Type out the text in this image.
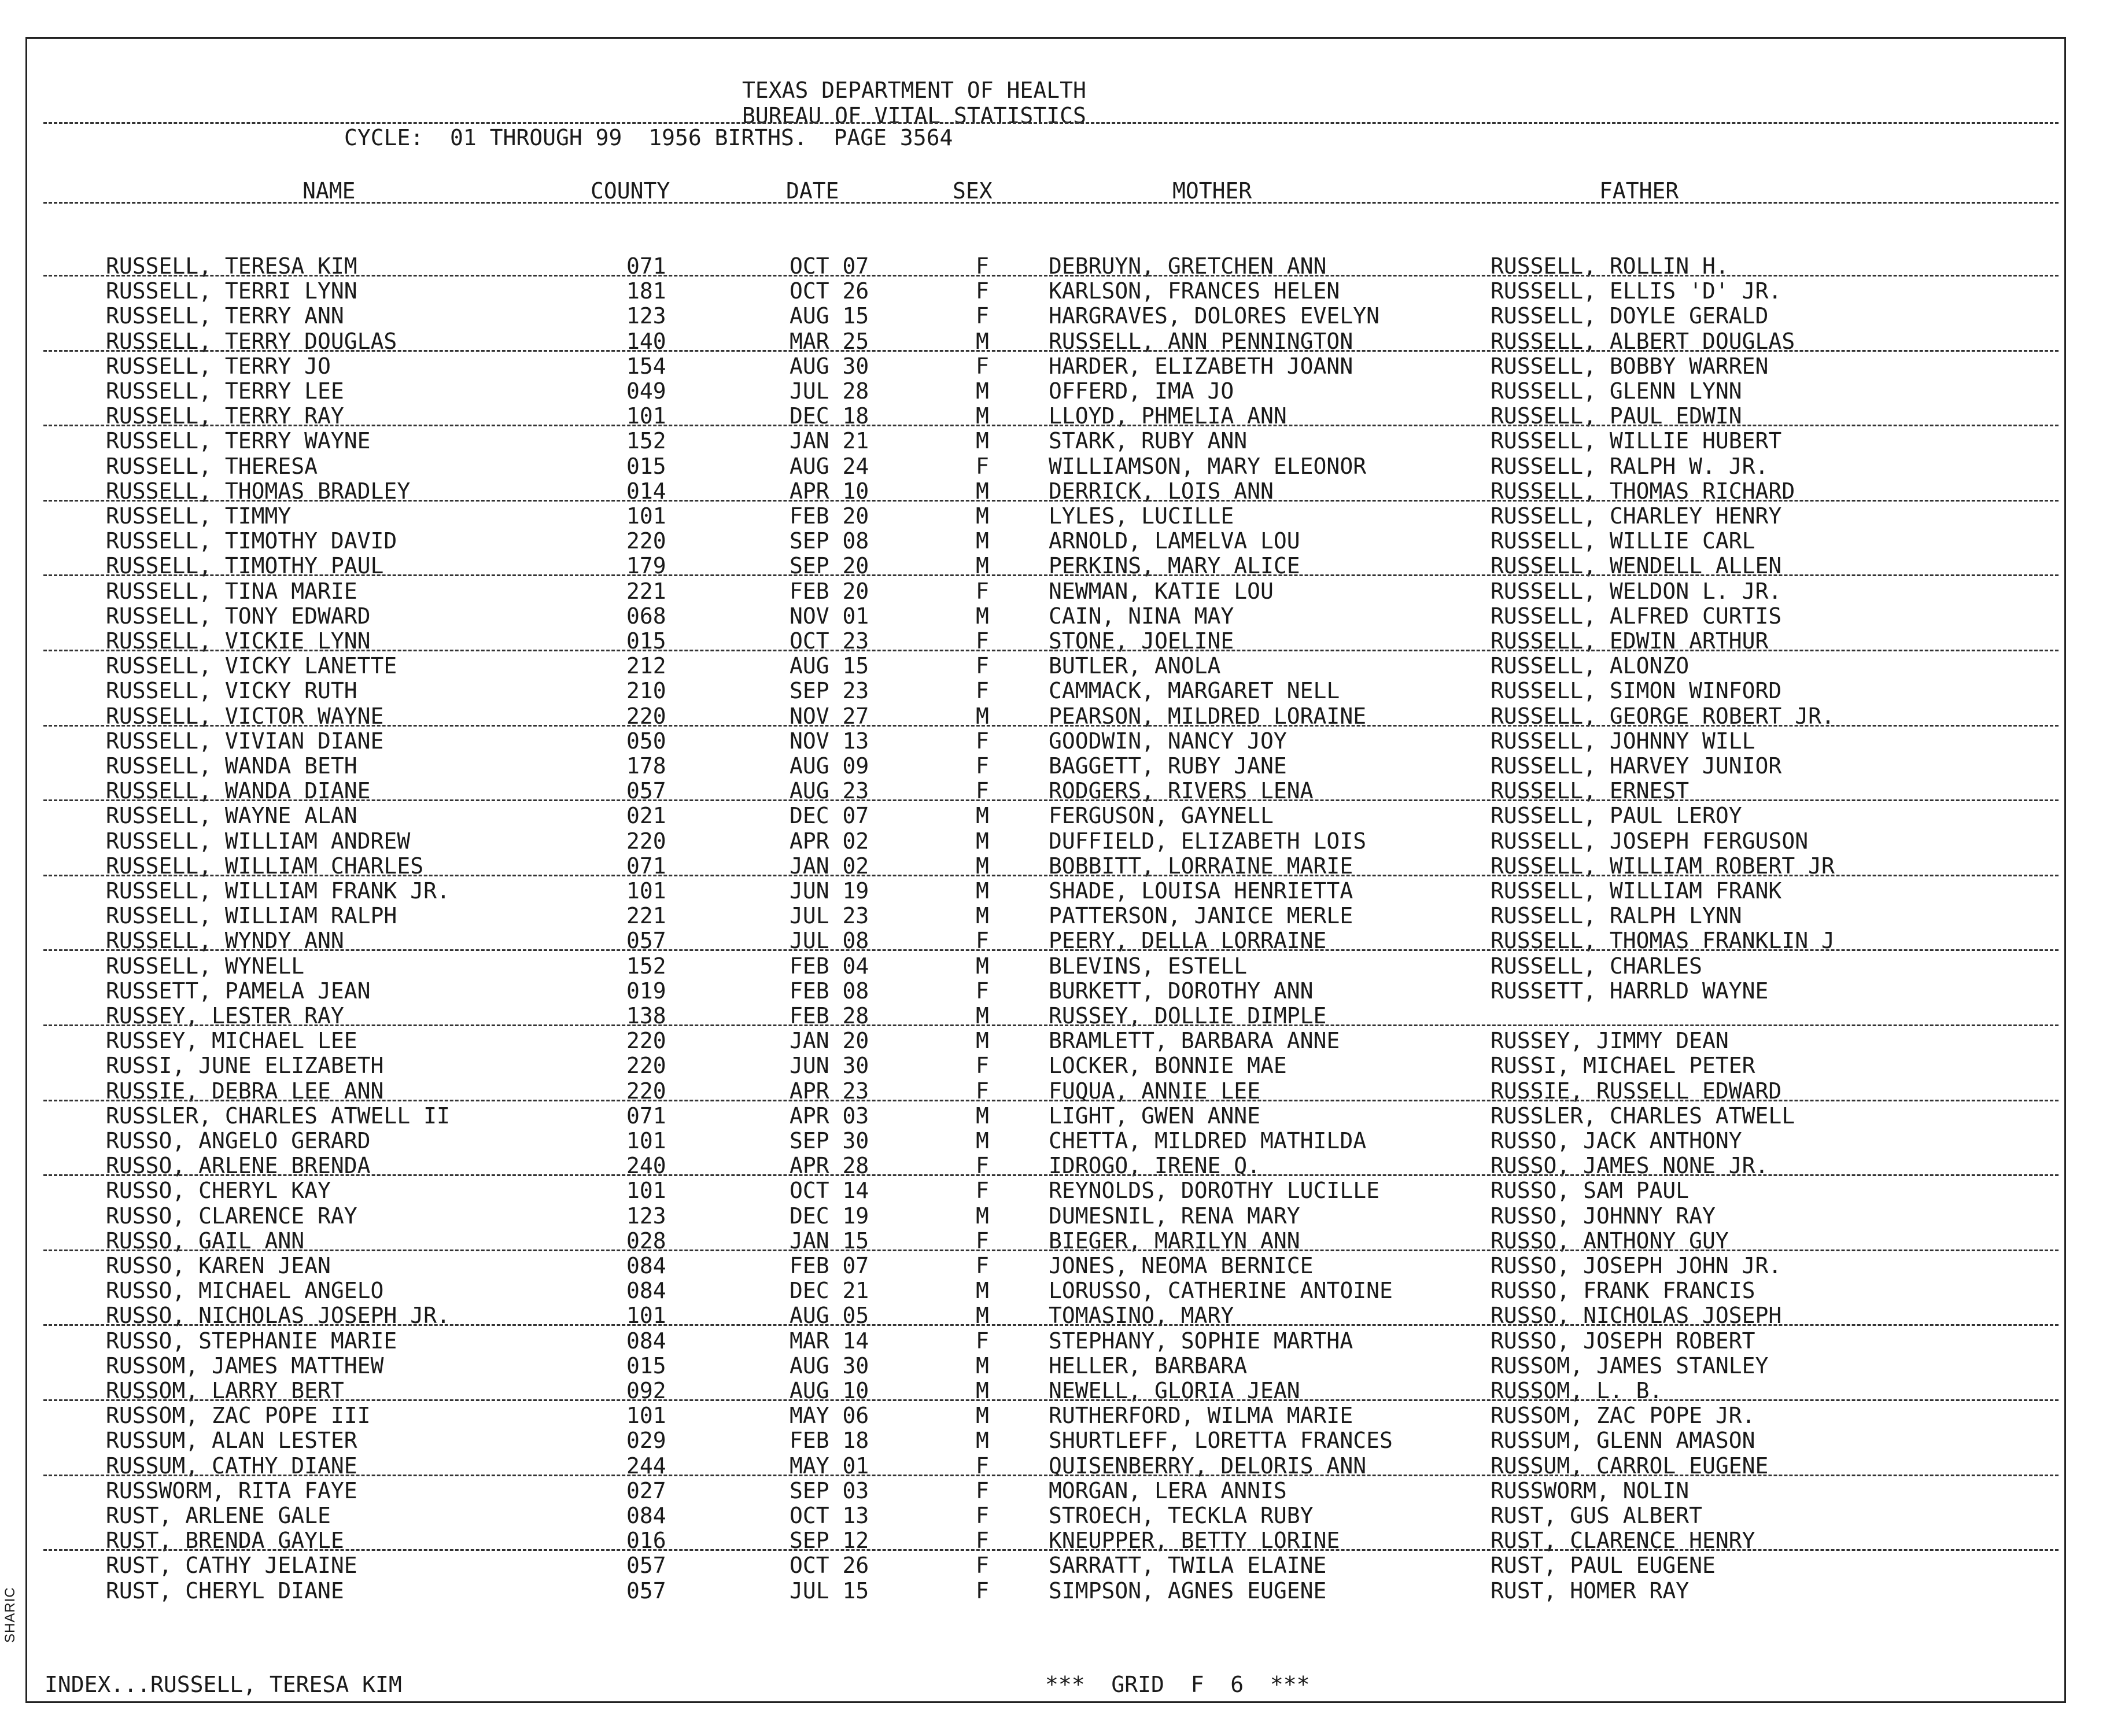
TEXAS DEPARTMENT OF HEALTH
BUREAU OF VITAL STATISTICS
CYCLE:  01 THROUGH 99  1956 BIRTHS.  PAGE 3564
NAME	COUNTY	DATE	SEX	MOTHER	FATHER
RUSSELL, TERESA KIM	071	OCT 07	F	DEBRUYN, GRETCHEN ANN	RUSSELL, ROLLIN H.
RUSSELL, TERRI LYNN	181	OCT 26	F	KARLSON, FRANCES HELEN	RUSSELL, ELLIS 'D' JR.
RUSSELL, TERRY ANN	123	AUG 15	F	HARGRAVES, DOLORES EVELYN	RUSSELL, DOYLE GERALD
RUSSELL, TERRY DOUGLAS	140	MAR 25	M	RUSSELL, ANN PENNINGTON	RUSSELL, ALBERT DOUGLAS
RUSSELL, TERRY JO	154	AUG 30	F	HARDER, ELIZABETH JOANN	RUSSELL, BOBBY WARREN
RUSSELL, TERRY LEE	049	JUL 28	M	OFFERD, IMA JO	RUSSELL, GLENN LYNN
RUSSELL, TERRY RAY	101	DEC 18	M	LLOYD, PHMELIA ANN	RUSSELL, PAUL EDWIN
RUSSELL, TERRY WAYNE	152	JAN 21	M	STARK, RUBY ANN	RUSSELL, WILLIE HUBERT
RUSSELL, THERESA	015	AUG 24	F	WILLIAMSON, MARY ELEONOR	RUSSELL, RALPH W. JR.
RUSSELL, THOMAS BRADLEY	014	APR 10	M	DERRICK, LOIS ANN	RUSSELL, THOMAS RICHARD
RUSSELL, TIMMY	101	FEB 20	M	LYLES, LUCILLE	RUSSELL, CHARLEY HENRY
RUSSELL, TIMOTHY DAVID	220	SEP 08	M	ARNOLD, LAMELVA LOU	RUSSELL, WILLIE CARL
RUSSELL, TIMOTHY PAUL	179	SEP 20	M	PERKINS, MARY ALICE	RUSSELL, WENDELL ALLEN
RUSSELL, TINA MARIE	221	FEB 20	F	NEWMAN, KATIE LOU	RUSSELL, WELDON L. JR.
RUSSELL, TONY EDWARD	068	NOV 01	M	CAIN, NINA MAY	RUSSELL, ALFRED CURTIS
RUSSELL, VICKIE LYNN	015	OCT 23	F	STONE, JOELINE	RUSSELL, EDWIN ARTHUR
RUSSELL, VICKY LANETTE	212	AUG 15	F	BUTLER, ANOLA	RUSSELL, ALONZO
RUSSELL, VICKY RUTH	210	SEP 23	F	CAMMACK, MARGARET NELL	RUSSELL, SIMON WINFORD
RUSSELL, VICTOR WAYNE	220	NOV 27	M	PEARSON, MILDRED LORAINE	RUSSELL, GEORGE ROBERT JR.
RUSSELL, VIVIAN DIANE	050	NOV 13	F	GOODWIN, NANCY JOY	RUSSELL, JOHNNY WILL
RUSSELL, WANDA BETH	178	AUG 09	F	BAGGETT, RUBY JANE	RUSSELL, HARVEY JUNIOR
RUSSELL, WANDA DIANE	057	AUG 23	F	RODGERS, RIVERS LENA	RUSSELL, ERNEST
RUSSELL, WAYNE ALAN	021	DEC 07	M	FERGUSON, GAYNELL	RUSSELL, PAUL LEROY
RUSSELL, WILLIAM ANDREW	220	APR 02	M	DUFFIELD, ELIZABETH LOIS	RUSSELL, JOSEPH FERGUSON
RUSSELL, WILLIAM CHARLES	071	JAN 02	M	BOBBITT, LORRAINE MARIE	RUSSELL, WILLIAM ROBERT JR
RUSSELL, WILLIAM FRANK JR.	101	JUN 19	M	SHADE, LOUISA HENRIETTA	RUSSELL, WILLIAM FRANK
RUSSELL, WILLIAM RALPH	221	JUL 23	M	PATTERSON, JANICE MERLE	RUSSELL, RALPH LYNN
RUSSELL, WYNDY ANN	057	JUL 08	F	PEERY, DELLA LORRAINE	RUSSELL, THOMAS FRANKLIN J
RUSSELL, WYNELL	152	FEB 04	M	BLEVINS, ESTELL	RUSSELL, CHARLES
RUSSETT, PAMELA JEAN	019	FEB 08	F	BURKETT, DOROTHY ANN	RUSSETT, HARRLD WAYNE
RUSSEY, LESTER RAY	138	FEB 28	M	RUSSEY, DOLLIE DIMPLE
RUSSEY, MICHAEL LEE	220	JAN 20	M	BRAMLETT, BARBARA ANNE	RUSSEY, JIMMY DEAN
RUSSI, JUNE ELIZABETH	220	JUN 30	F	LOCKER, BONNIE MAE	RUSSI, MICHAEL PETER
RUSSIE, DEBRA LEE ANN	220	APR 23	F	FUQUA, ANNIE LEE	RUSSIE, RUSSELL EDWARD
RUSSLER, CHARLES ATWELL II	071	APR 03	M	LIGHT, GWEN ANNE	RUSSLER, CHARLES ATWELL
RUSSO, ANGELO GERARD	101	SEP 30	M	CHETTA, MILDRED MATHILDA	RUSSO, JACK ANTHONY
RUSSO, ARLENE BRENDA	240	APR 28	F	IDROGO, IRENE Q.	RUSSO, JAMES NONE JR.
RUSSO, CHERYL KAY	101	OCT 14	F	REYNOLDS, DOROTHY LUCILLE	RUSSO, SAM PAUL
RUSSO, CLARENCE RAY	123	DEC 19	M	DUMESNIL, RENA MARY	RUSSO, JOHNNY RAY
RUSSO, GAIL ANN	028	JAN 15	F	BIEGER, MARILYN ANN	RUSSO, ANTHONY GUY
RUSSO, KAREN JEAN	084	FEB 07	F	JONES, NEOMA BERNICE	RUSSO, JOSEPH JOHN JR.
RUSSO, MICHAEL ANGELO	084	DEC 21	M	LORUSSO, CATHERINE ANTOINE	RUSSO, FRANK FRANCIS
RUSSO, NICHOLAS JOSEPH JR.	101	AUG 05	M	TOMASINO, MARY	RUSSO, NICHOLAS JOSEPH
RUSSO, STEPHANIE MARIE	084	MAR 14	F	STEPHANY, SOPHIE MARTHA	RUSSO, JOSEPH ROBERT
RUSSOM, JAMES MATTHEW	015	AUG 30	M	HELLER, BARBARA	RUSSOM, JAMES STANLEY
RUSSOM, LARRY BERT	092	AUG 10	M	NEWELL, GLORIA JEAN	RUSSOM, L. B.
RUSSOM, ZAC POPE III	101	MAY 06	M	RUTHERFORD, WILMA MARIE	RUSSOM, ZAC POPE JR.
RUSSUM, ALAN LESTER	029	FEB 18	M	SHURTLEFF, LORETTA FRANCES	RUSSUM, GLENN AMASON
RUSSUM, CATHY DIANE	244	MAY 01	F	QUISENBERRY, DELORIS ANN	RUSSUM, CARROL EUGENE
RUSSWORM, RITA FAYE	027	SEP 03	F	MORGAN, LERA ANNIS	RUSSWORM, NOLIN
RUST, ARLENE GALE	084	OCT 13	F	STROECH, TECKLA RUBY	RUST, GUS ALBERT
RUST, BRENDA GAYLE	016	SEP 12	F	KNEUPPER, BETTY LORINE	RUST, CLARENCE HENRY
RUST, CATHY JELAINE	057	OCT 26	F	SARRATT, TWILA ELAINE	RUST, PAUL EUGENE
RUST, CHERYL DIANE	057	JUL 15	F	SIMPSON, AGNES EUGENE	RUST, HOMER RAY
INDEX...RUSSELL, TERESA KIM	***  GRID  F  6  ***
SHARIC
